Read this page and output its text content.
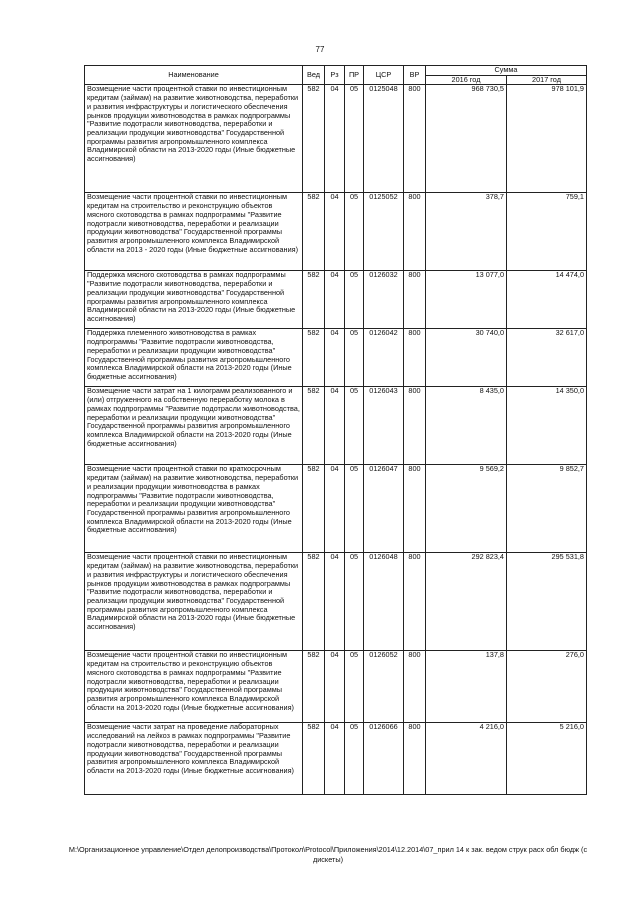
77
Наименование	Вед	Рз	ПР	ЦСР	ВР	Сумма	
						2016 год	2017 год
Возмещение части процентной ставки по инвестиционным кредитам (займам) на развитие животноводства, переработки и развития инфраструктуры и логистического обеспечения рынков продукции животноводства в рамках подпрограммы "Развитие подотрасли животноводства, переработки и реализации продукции животноводства" Государственной программы развития агропромышленного комплекса Владимирской области на 2013-2020 годы (Иные бюджетные ассигнования)	582	04	05	0125048	800	968 730,5	978 101,9
Возмещение части процентной ставки по инвестиционным кредитам на строительство и реконструкцию объектов мясного скотоводства в рамках подпрограммы "Развитие подотрасли животноводства, переработки и реализации продукции животноводства" Государственной программы развития агропромышленного комплекса Владимирской области на 2013 - 2020 годы (Иные бюджетные ассигнования)	582	04	05	0125052	800	378,7	759,1
Поддержка мясного скотоводства в рамках подпрограммы "Развитие подотрасли животноводства, переработки и реализации продукции животноводства" Государственной программы развития агропромышленного комплекса Владимирской области на 2013-2020 годы (Иные бюджетные ассигнования)	582	04	05	0126032	800	13 077,0	14 474,0
Поддержка племенного животноводства в рамках подпрограммы "Развитие подотрасли животноводства, переработки и реализации продукции животноводства" Государственной программы развития агропромышленного комплекса Владимирской области на 2013-2020 годы (Иные бюджетные ассигнования)	582	04	05	0126042	800	30 740,0	32 617,0
Возмещение части затрат на 1 килограмм реализованного и (или) отгруженного на собственную переработку молока в рамках подпрограммы "Развитие подотрасли животноводства, переработки и реализации продукции животноводства" Государственной программы развития агропромышленного комплекса Владимирской области на 2013-2020 годы (Иные бюджетные ассигнования)	582	04	05	0126043	800	8 435,0	14 350,0
Возмещение части процентной ставки по краткосрочным кредитам (займам) на развитие животноводства, переработки и реализации продукции животноводства в рамках подпрограммы "Развитие подотрасли животноводства, переработки и реализации продукции животноводства" Государственной программы развития агропромышленного комплекса Владимирской области на 2013-2020 годы (Иные бюджетные ассигнования)	582	04	05	0126047	800	9 569,2	9 852,7
Возмещение части процентной ставки по инвестиционным кредитам (займам) на развитие животноводства, переработки и развития инфраструктуры и логистического обеспечения рынков продукции животноводства в рамках подпрограммы "Развитие подотрасли животноводства, переработки и реализации продукции животноводства" Государственной программы развития агропромышленного комплекса Владимирской области на 2013-2020 годы (Иные бюджетные ассигнования)	582	04	05	0126048	800	292 823,4	295 531,8
Возмещение части процентной ставки по инвестиционным кредитам на строительство и реконструкцию объектов мясного скотоводства в рамках подпрограммы "Развитие подотрасли животноводства, переработки и реализации продукции животноводства" Государственной программы развития агропромышленного комплекса Владимирской области на 2013-2020 годы (Иные бюджетные ассигнования)	582	04	05	0126052	800	137,8	276,0
Возмещение части затрат на проведение лабораторных исследований на лейкоз в рамках подпрограммы "Развитие подотрасли животноводства, переработки и реализации продукции животноводства" Государственной программы развития агропромышленного комплекса Владимирской области на 2013-2020 годы (Иные бюджетные ассигнования)	582	04	05	0126066	800	4 216,0	5 216,0
М:\Организационное управление\Отдел делопроизводства\Протокол\Protocol\Приложения\2014\12.2014\07_прил 14 к зак. ведом струк расх обл бюдж (с дискеты)
